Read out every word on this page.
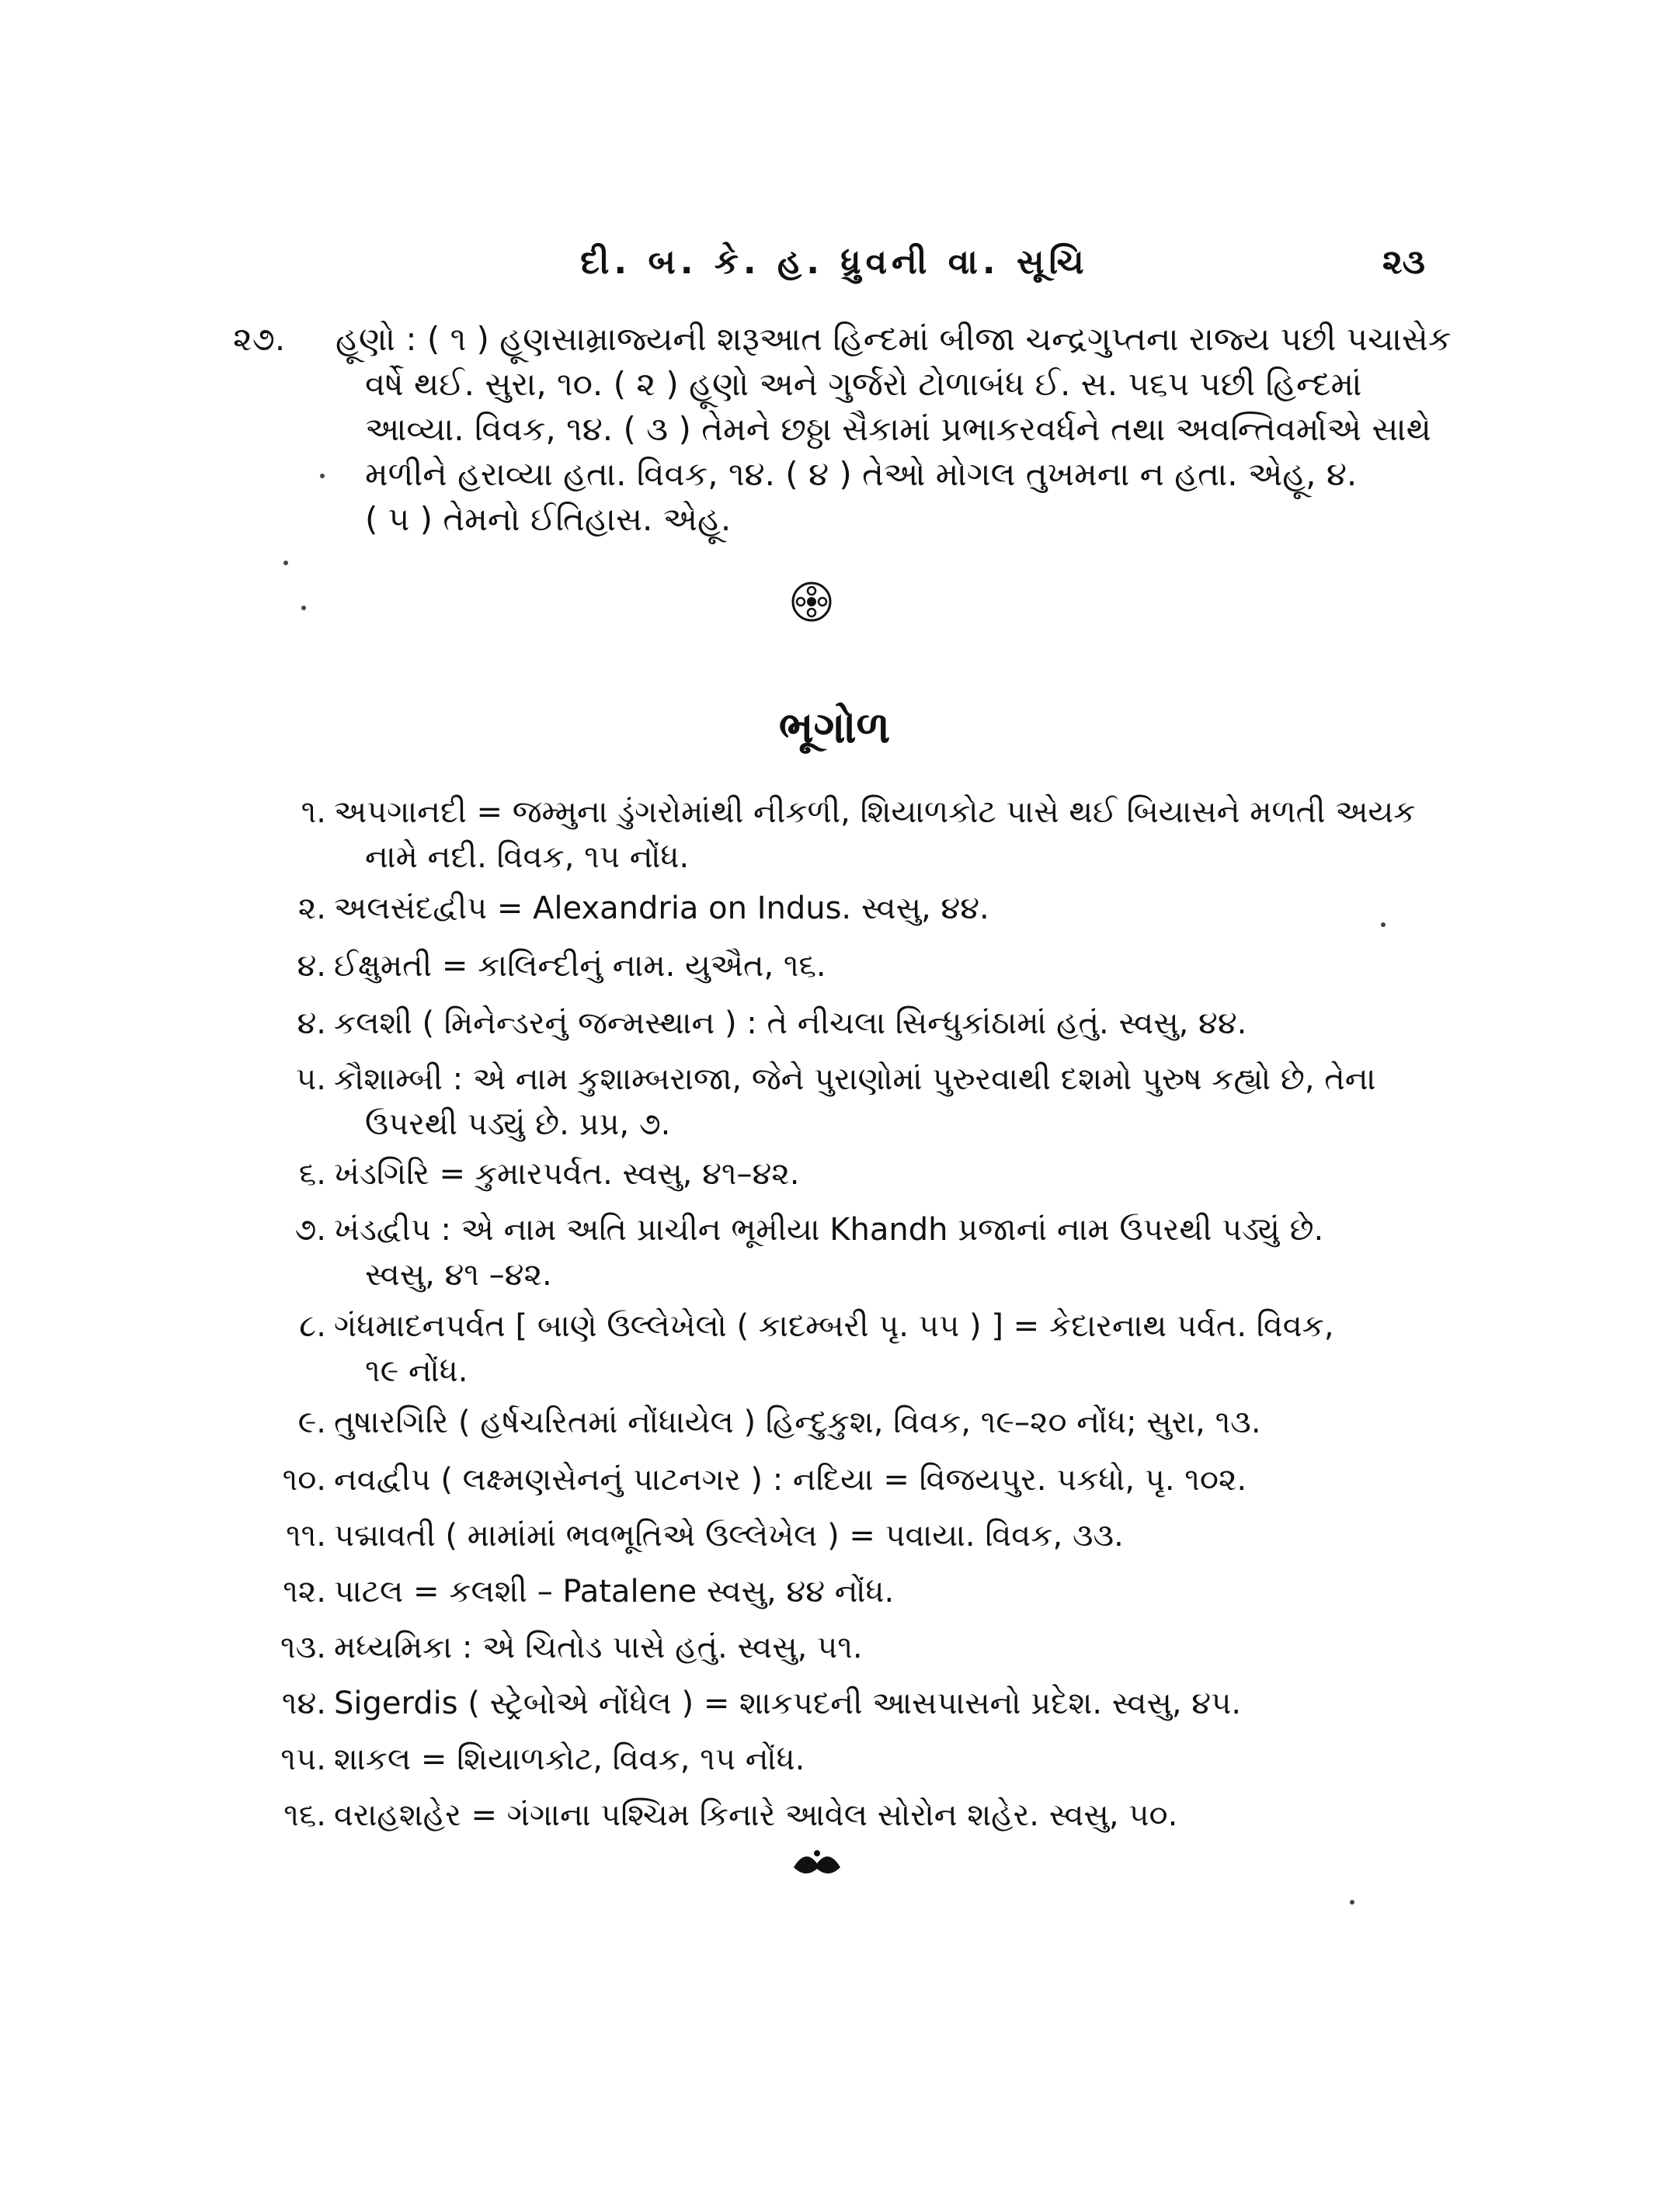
દી. બ. કે. હ. ધ્રુવની વા. સૂચિ	૨૩
૨૭. હૂણો : ( ૧ ) હૂણસામ્રાજ્યની શરૂઆત હિન્દમાં બીજા ચન્દ્રગુપ્તના રાજ્ય પછી પચાસેક
વર્ષે થઈ. સુરા, ૧૦. ( ૨ ) હૂણો અને ગુર્જરો ટોળાબંધ ઈ. સ. ૫૬૫ પછી હિન્દમાં
આવ્યા. વિવક, ૧૪. ( ૩ ) તેમને છઠ્ઠા સૈકામાં પ્રભાકરવર્ધને તથા અવન્તિવર્માએ સાથે
મળીને હરાવ્યા હતા. વિવક, ૧૪. ( ૪ ) તેઓ મોગલ તુખમના ન હતા. એહૂ, ૪.
( ૫ ) તેમનો ઈતિહાસ. એહૂ.
ભૂગોળ
૧. અપગાનદી = જમ્મુના ડુંગરોમાંથી નીકળી, શિયાળકોટ પાસે થઈ બિયાસને મળતી અયક
નામે નદી. વિવક, ૧૫ નોંધ.
૨. અલસંદદ્વીપ = Alexandria on Indus. સ્વસુ, ૪૪.
૪. ઈક્ષુમતી = કાલિન્દીનું નામ. યુઐત, ૧૬.
૪. કલશી ( મિનેન્ડરનું જન્મસ્થાન ) : તે નીચલા સિન્ધુકાંઠામાં હતું. સ્વસુ, ૪૪.
૫. કૌશામ્બી : એ નામ કુશામ્બરાજા, જેને પુરાણોમાં પુરુરવાથી દશમો પુરુષ કહ્યો છે, તેના
ઉપરથી પડ્યું છે. પ્રપ્ર, ૭.
૬. ખંડગિરિ = કુમારપર્વત. સ્વસુ, ૪૧–૪૨.
૭. ખંડદ્વીપ : એ નામ અતિ પ્રાચીન ભૂમીયા Khandh પ્રજાનાં નામ ઉપરથી પડ્યું છે.
સ્વસુ, ૪૧ –૪૨.
૮. ગંધમાદનપર્વત [ બાણે ઉલ્લેખેલો ( કાદમ્બરી પૃ. ૫૫ ) ] = કેદારનાથ પર્વત. વિવક,
૧૯ નોંધ.
૯. તુષારગિરિ ( હર્ષચરિતમાં નોંધાયેલ ) હિન્દુકુશ, વિવક, ૧૯–૨૦ નોંધ; સુરા, ૧૩.
૧૦. નવદ્વીપ ( લક્ષ્મણસેનનું પાટનગર ) : નદિયા = વિજયપુર. પકધો, પૃ. ૧૦૨.
૧૧. પદ્માવતી ( મામાંમાં ભવભૂતિએ ઉલ્લેખેલ ) = પવાયા. વિવક, ૩૩.
૧૨. પાટલ = કલશી – Patalene સ્વસુ, ૪૪ નોંધ.
૧૩. મધ્યમિકા : એ ચિતોડ પાસે હતું. સ્વસુ, ૫૧.
૧૪. Sigerdis ( સ્ટ્રેબોએ નોંધેલ ) = શાકપદની આસપાસનો પ્રદેશ. સ્વસુ, ૪૫.
૧૫. શાકલ = શિયાળકોટ, વિવક, ૧૫ નોંધ.
૧૬. વરાહશહેર = ગંગાના પશ્ચિમ કિનારે આવેલ સોરોન શહેર. સ્વસુ, ૫૦.
